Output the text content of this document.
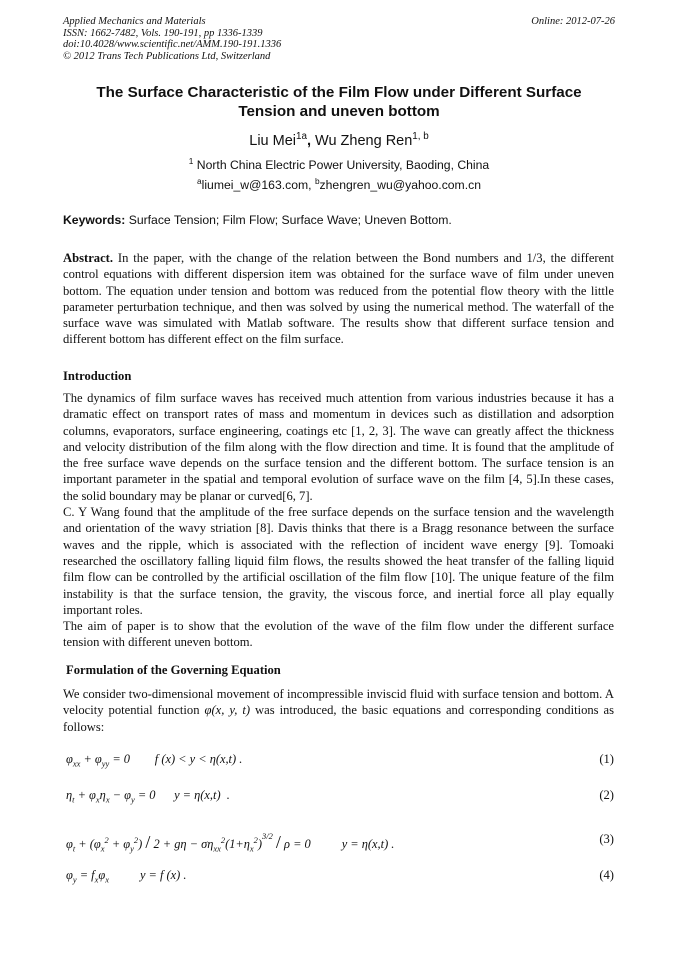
Applied Mechanics and Materials
ISSN: 1662-7482, Vols. 190-191, pp 1336-1339
doi:10.4028/www.scientific.net/AMM.190-191.1336
© 2012 Trans Tech Publications Ltd, Switzerland
Online: 2012-07-26
The Surface Characteristic of the Film Flow under Different Surface
Tension and uneven bottom
Liu Mei$^{1a}$, Wu Zheng Ren$^{1, b}$
$^1$ North China Electric Power University, Baoding, China
$^a$liumei_w@163.com, $^b$zhengren_wu@yahoo.com.cn
Keywords: Surface Tension; Film Flow; Surface Wave; Uneven Bottom.
Abstract. In the paper, with the change of the relation between the Bond numbers and 1/3, the different control equations with different dispersion item was obtained for the surface wave of film under uneven bottom. The equation under tension and bottom was reduced from the potential flow theory with the little parameter perturbation technique, and then was solved by using the numerical method. The waterfall of the surface wave was simulated with Matlab software. The results show that different surface tension and different bottom has different effect on the film surface.
Introduction
The dynamics of film surface waves has received much attention from various industries because it has a dramatic effect on transport rates of mass and momentum in devices such as distillation and adsorption columns, evaporators, surface engineering, coatings etc [1, 2, 3]. The wave can greatly affect the thickness and velocity distribution of the film along with the flow direction and time. It is found that the amplitude of the free surface wave depends on the surface tension and the different bottom. The surface tension is an important parameter in the spatial and temporal evolution of surface wave on the film [4, 5].In these cases, the solid boundary may be planar or curved[6, 7].
C. Y Wang found that the amplitude of the free surface depends on the surface tension and the wavelength and orientation of the wavy striation [8]. Davis thinks that there is a Bragg resonance between the surface waves and the ripple, which is associated with the reflection of incident wave energy [9]. Tomoaki researched the oscillatory falling liquid film flows, the results showed the heat transfer of the falling liquid film flow can be controlled by the artificial oscillation of the film flow [10]. The unique feature of the film instability is that the surface tension, the gravity, the viscous force, and inertial force all play equally important roles.
The aim of paper is to show that the evolution of the wave of the film flow under the different surface tension with different uneven bottom.
Formulation of the Governing Equation
We consider two-dimensional movement of incompressible inviscid fluid with surface tension and bottom. A velocity potential function φ(x, y, t) was introduced, the basic equations and corresponding conditions as follows:
$\varphi_{xx} + \varphi_{yy} = 0$        f (x) < y < η(x,t) .	(1)
$\eta_t + \varphi_x\eta_x - \varphi_y = 0$      y = η(x,t)  .	(2)
$\varphi_t + (\varphi_x^2 + \varphi_y^2) / 2 + g\eta - \sigma\eta_{xx}^2(1+\eta_x^2)^{3/2} / \rho = 0$          y = η(x,t) .	(3)
$\varphi_y = f_x\varphi_x$          y = f (x) .	(4)
